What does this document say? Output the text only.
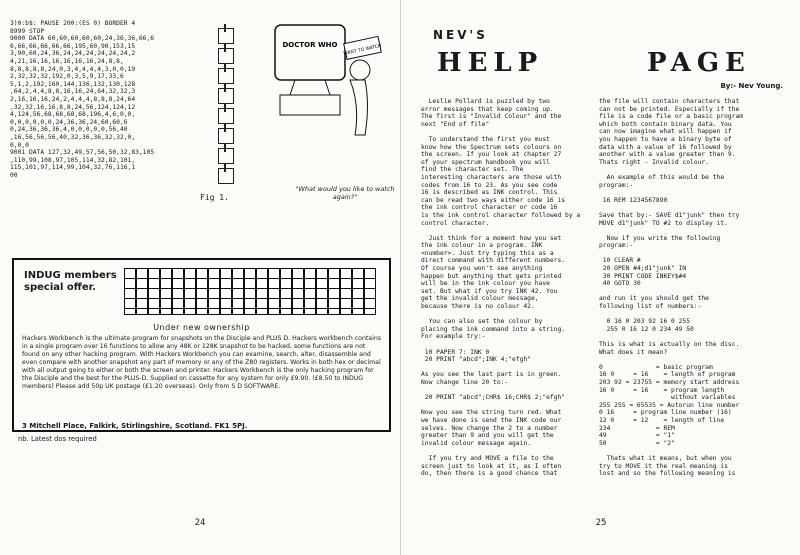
3)0:b$: PAUSE 200:(ES 0) BORDER 4
8999 STOP
9000 DATA 60,60,60,60,60,24,36,36,66,6
6,66,66,66,66,66,195,60,90,153,15
3,90,60,24,36,24,24,24,24,24,24,2
4,21,16,16,16,16,16,16,24,8,8,
8,8,8,8,8,24,0,3,4,4,4,4,3,0,0,19
2,32,32,32,192,0,3,5,9,17,33,6
5,1,2,192,160,144,136,132,130,128
,64,2,4,4,8,8,16,16,24,64,32,32,3
2,16,16,16,24,2,4,4,4,8,8,8,24,64
,32,32,16,16,8,8,24,56,124,124,12
4,124,56,68,68,68,68,196,4,6,0,0,
0,0,0,0,0,0,24,36,36,24,60,60,6
0,24,36,36,36,4,0,0,0,0,0,56,40
,16,56,56,56,40,32,36,36,32,32,0,
0,0,0
9001 DATA 127,32,49,57,56,50,32,83,105
,110,99,108,97,105,114,32,82,101,
115,101,97,114,99,104,32,76,116,1
00
Fig 1.
DOCTOR WHO WANT TO WATCH
"What would you like to watch again?"
INDUG members special offer.
Under new ownership
Hackers Workbench is the ultimate program for snapshots on the Disciple and PLUS D. Hackers workbench contains in a single program over 16 functions to allow any 48K or 128K snapshot to be hacked, some functions are not found on any other hacking program. With Hackers Workbench you can examine, search, alter, disassemble and even compare with another snapshot any part of memory or any of the Z80 registers. Works in both hex or decimal with all output going to either or both the screen and printer. Hackers Workbench is the only hacking program for the Disciple and the best for the PLUS-D. Supplied on cassette for any system for only £9.90. (£8.50 to INDUG members) Please add 50p UK postage (£1.20 overseas). Only from S D SOFTWARE.
3 Mitchell Place, Falkirk, Stirlingshire, Scotland. FK1 5PJ.
nb. Latest dos required
24
NEV'S
HELP	PAGE
By:- Nev Young.
Leslie Pollard is puzzled by two
error messages that keep coming up.
The first is "Invalid Colour" and the
next "End of file"

To understand the first you must
know how the Spectrum sets colours on
the screen. If you look at chapter 27
of your spectrum handbook you will
find the character set. The
interesting characters are those with
codes from 16 to 23. As you see code
16 is described as INK control. This
can be read two ways either code 16 is
the ink control character or code 16
is the ink control character followed by a
control character.

Just think for a moment how you set
the ink colour in a program. INK
<number>. Just try typing this as a
direct command with different numbers.
Of course you won't see anything
happen but anything that gets printed
will be in the ink colour you have
set. But what if you try INK 42. You
get the invalid colour message,
because there is no colour 42.

You can also set the colour by
placing the ink command into a string.
For example try:-

10 PAPER 7: INK 0
20 PRINT "abcd";INK 4;"efgh"

As you see the last part is in green.
Now change line 20 to:-

20 PRINT "abcd";CHR$ 16;CHR$ 2;"efgh"

Now you see the string turn red. What
we have done is send the INK code our
selves. Now change the 2 to a number
greater than 9 and you will get the
invalid colour message again.

If you try and MOVE a file to the
screen just to look at it, as I often
do, then there is a good chance that
the file will contain characters that
can not be printed. Especially if the
file is a code file or a basic program
which both contain binary data. You
can now imagine what will happen if
you happen to have a binary byte of
data with a value of 16 followed by
another with a value greater than 9.
Thats right - Invalid colour.

An example of this would be the
program:-

16 REM 1234567890

Save that by:- SAVE d1"junk" then try
MOVE d1"junk" TO #2 to display it.

Now if you write the following
program:-

10 CLEAR #
20 OPEN #4;d1"junk" IN
30 PRINT CODE INKEY$#4
40 GOTO 30

and run it you should get the
following list of numbers:-

0 16 0 203 92 16 0 255
255 0 16 12 0 234 49 50

This is what is actually on the disc.
What does it mean?

0              = basic program
16 0     = 16    = length of program
203 92 = 23755 = memory start address
16 0     = 16    = program length
without variables
255 255 = 65535 = Autorun line number
0 16     = program line number (16)
12 0     = 12    = length of line
234            = REM
49             = "1"
50             = "2"

Thats what it means, but when you
try to MOVE it the real meaning is
lost and so the following meaning is
25
